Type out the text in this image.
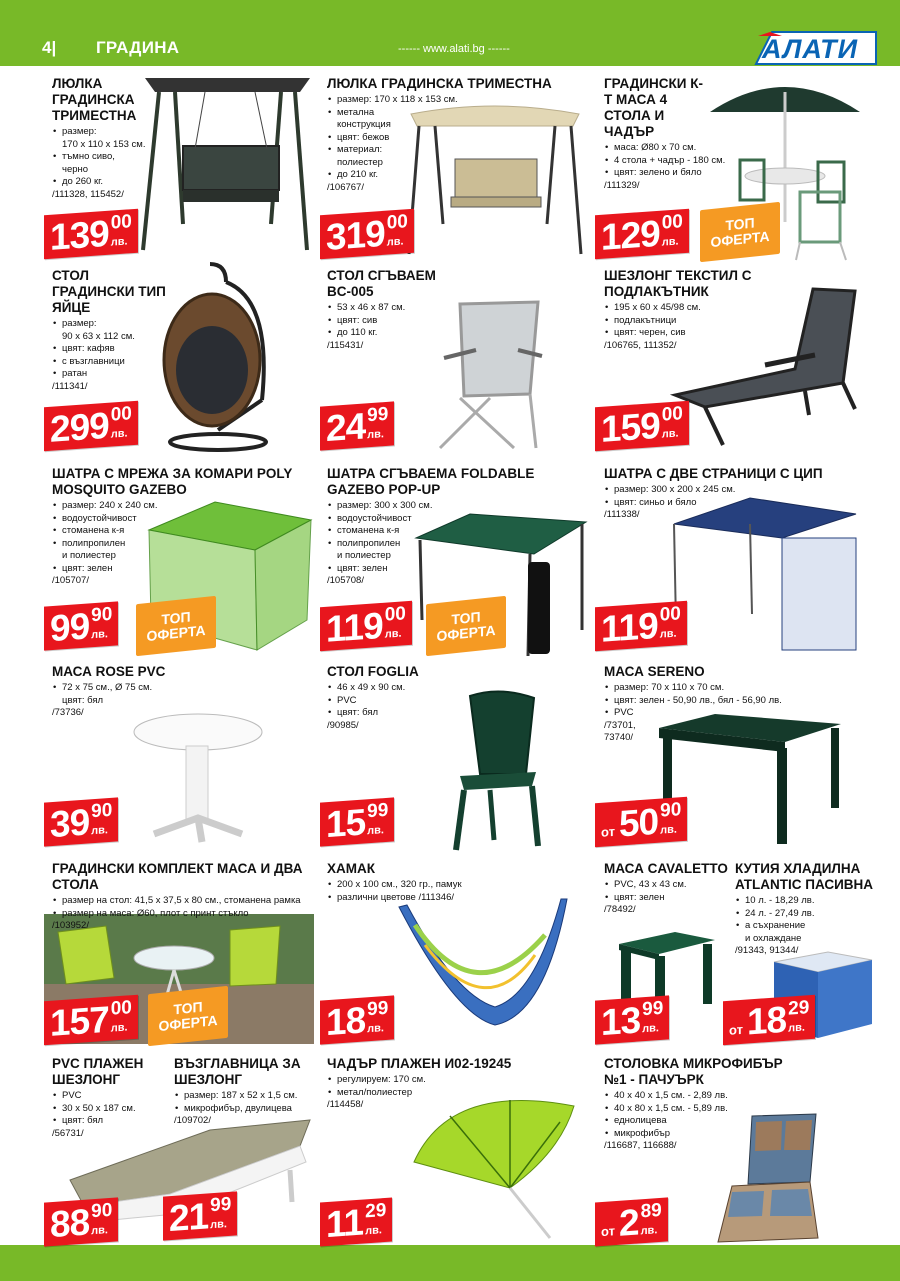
4| ГРАДИНА	------ www.alati.bg ------	АЛАТИ
ЛЮЛКА ГРАДИНСКА ТРИМЕСТНА
• размер:
170 x 110 x 153 см.
• тъмно сиво,
черно
• до 260 кг.
/111328, 115452/
139 00
лв.
ЛЮЛКА ГРАДИНСКА ТРИМЕСТНА
• размер: 170 x 118 x 153 см.
• метална
конструкция
• цвят: бежов
• материал:
полиестер
• до 210 кг.
/106767/
319 00
лв.
ГРАДИНСКИ К-Т МАСА 4 СТОЛА И ЧАДЪР
• маса: Ø80 x 70 см.
• 4 стола + чадър - 180 см.
• цвят: зелено и бяло
/111329/
ТОП
ОФЕРТА
129 00
лв.
СТОЛ ГРАДИНСКИ ТИП ЯЙЦЕ
• размер:
90 x 63 x 112 см.
• цвят: кафяв
• с възглавници
• ратан
/111341/
299 00
лв.
СТОЛ СГЪВАЕМ BC-005
• 53 x 46 x 87 см.
• цвят: сив
• до 110 кг.
/115431/
24 99
лв.
ШЕЗЛОНГ ТЕКСТИЛ С ПОДЛАКЪТНИК
• 195 x 60 x 45/98 см.
• подлакътници
• цвят: черен, сив
/106765, 111352/
159 00
лв.
ШАТРА С МРЕЖА ЗА КОМАРИ POLY MOSQUITO GAZEBO
• размер: 240 x 240 см.
• водоустойчивост
• стоманена к-я
• полипропилен
и полиестер
• цвят: зелен
/105707/
ТОП
ОФЕРТА
99 90
лв.
ШАТРА СГЪВАЕМА FOLDABLE GAZEBO POP-UP
• размер: 300 x 300 см.
• водоустойчивост
• стоманена к-я
• полипропилен
и полиестер
• цвят: зелен
/105708/
ТОП
ОФЕРТА
119 00
лв.
ШАТРА С ДВЕ СТРАНИЦИ С ЦИП
• размер: 300 x 200 x 245 см.
• цвят: синьо и бяло
/111338/
119 00
лв.
МАСА ROSE PVC
• 72 x 75 см., Ø 75 см.
цвят: бял
/73736/
39 90
лв.
СТОЛ FOGLIA
• 46 x 49 x 90 см.
• PVC
• цвят: бял
/90985/
15 99
лв.
МАСА SERENO
• размер: 70 x 110 x 70 см.
• цвят: зелен - 50,90 лв., бял - 56,90 лв.
• PVC
/73701,
73740/
от 50 90
лв.
ГРАДИНСКИ КОМПЛЕКТ МАСА И ДВА СТОЛА
• размер на стол: 41,5 x 37,5 x 80 см., стоманена рамка
• размер на маса: Ø60, плот с принт стъкло
/103952/
ТОП
ОФЕРТА
157 00
лв.
ХАМАК
• 200 x 100 см., 320 гр., памук
• различни цветове /111346/
18 99
лв.
МАСА CAVALETTO
• PVC, 43 x 43 см.
• цвят: зелен
/78492/
13 99
лв.
КУТИЯ ХЛАДИЛНА ATLANTIC ПАСИВНА
• 10 л. - 18,29 лв.
• 24 л. - 27,49 лв.
• а съхранение
и охлаждане
/91343, 91344/
от 18 29
лв.
PVC ПЛАЖЕН ШЕЗЛОНГ
• PVC
• 30 x 50 x 187 см.
• цвят: бял
/56731/
ВЪЗГЛАВНИЦА ЗА ШЕЗЛОНГ
• размер: 187 x 52 x 1,5 см.
• микрофибър, двулицева
/109702/
88 90
лв. 21 99
лв.
ЧАДЪР ПЛАЖЕН И02-19245
• регулируем: 170 см.
• метал/полиестер
/114458/
11 29
лв.
СТОЛОВКА МИКРОФИБЪР №1 - ПАЧУЪРК
• 40 x 40 x 1,5 см. - 2,89 лв.
• 40 x 80 x 1,5 см. - 5,89 лв.
• еднолицева
• микрофибър
/116687, 116688/
от 2 89
лв.
